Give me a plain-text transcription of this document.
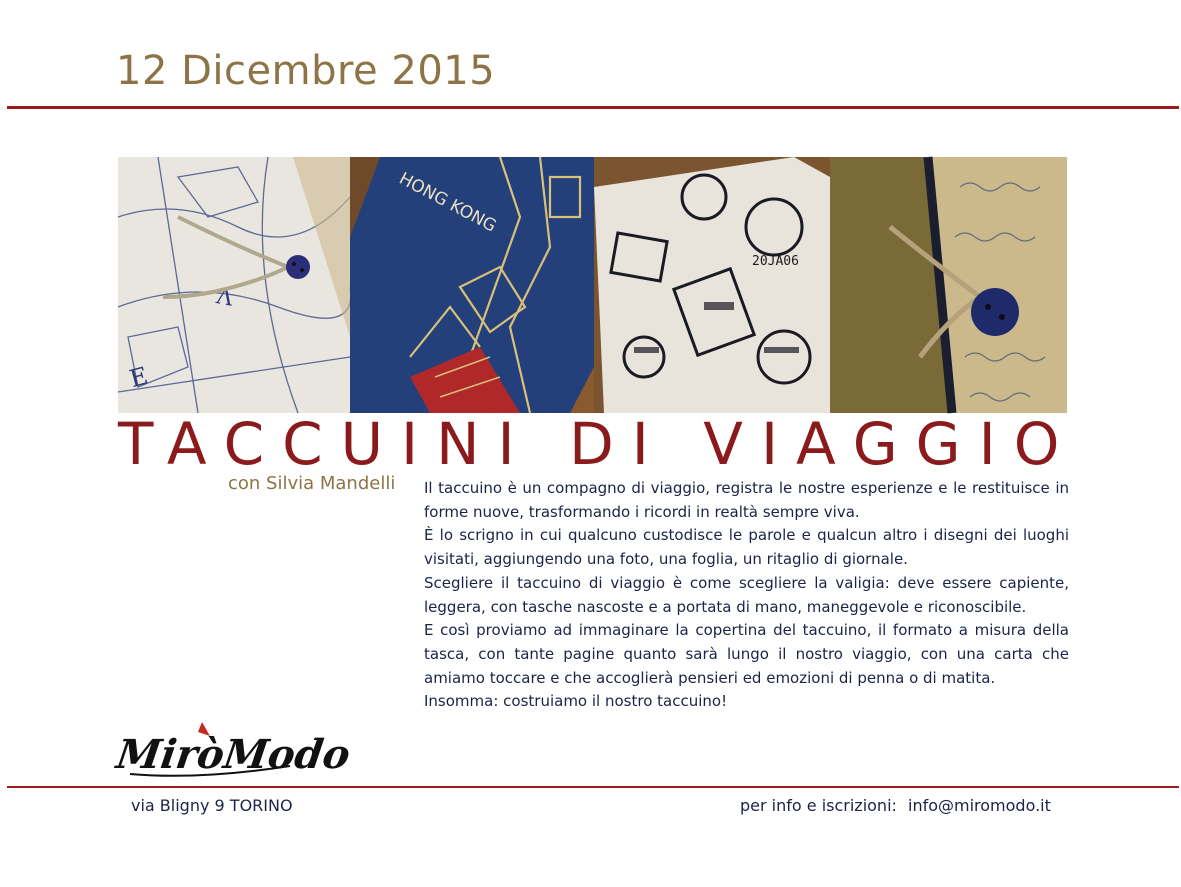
12 Dicembre 2015
V
E
HONG KONG
20JA06
TACCUINI DI VIAGGIO
con Silvia Mandelli Il taccuino è un compagno di viaggio, registra le nostre esperienze e le restituisce in forme nuove, trasformando i ricordi in realtà sempre viva.

È lo scrigno in cui qualcuno custodisce le parole e qualcun altro i disegni dei luoghi visitati, aggiungendo una foto, una foglia, un ritaglio di giornale.

Scegliere il taccuino di viaggio è come scegliere la valigia: deve essere capiente, leggera, con tasche nascoste e a portata di mano, maneggevole e riconoscibile.

E così proviamo ad immaginare la copertina del taccuino, il formato a misura della tasca, con tante pagine quanto sarà lungo il nostro viaggio, con una carta che amiamo toccare e che accoglierà pensieri ed emozioni di penna o di matita.

Insomma: costruiamo il nostro taccuino!

MiròModo
via Bligny 9 TORINO	per info e iscrizioni: info@miromodo.it
